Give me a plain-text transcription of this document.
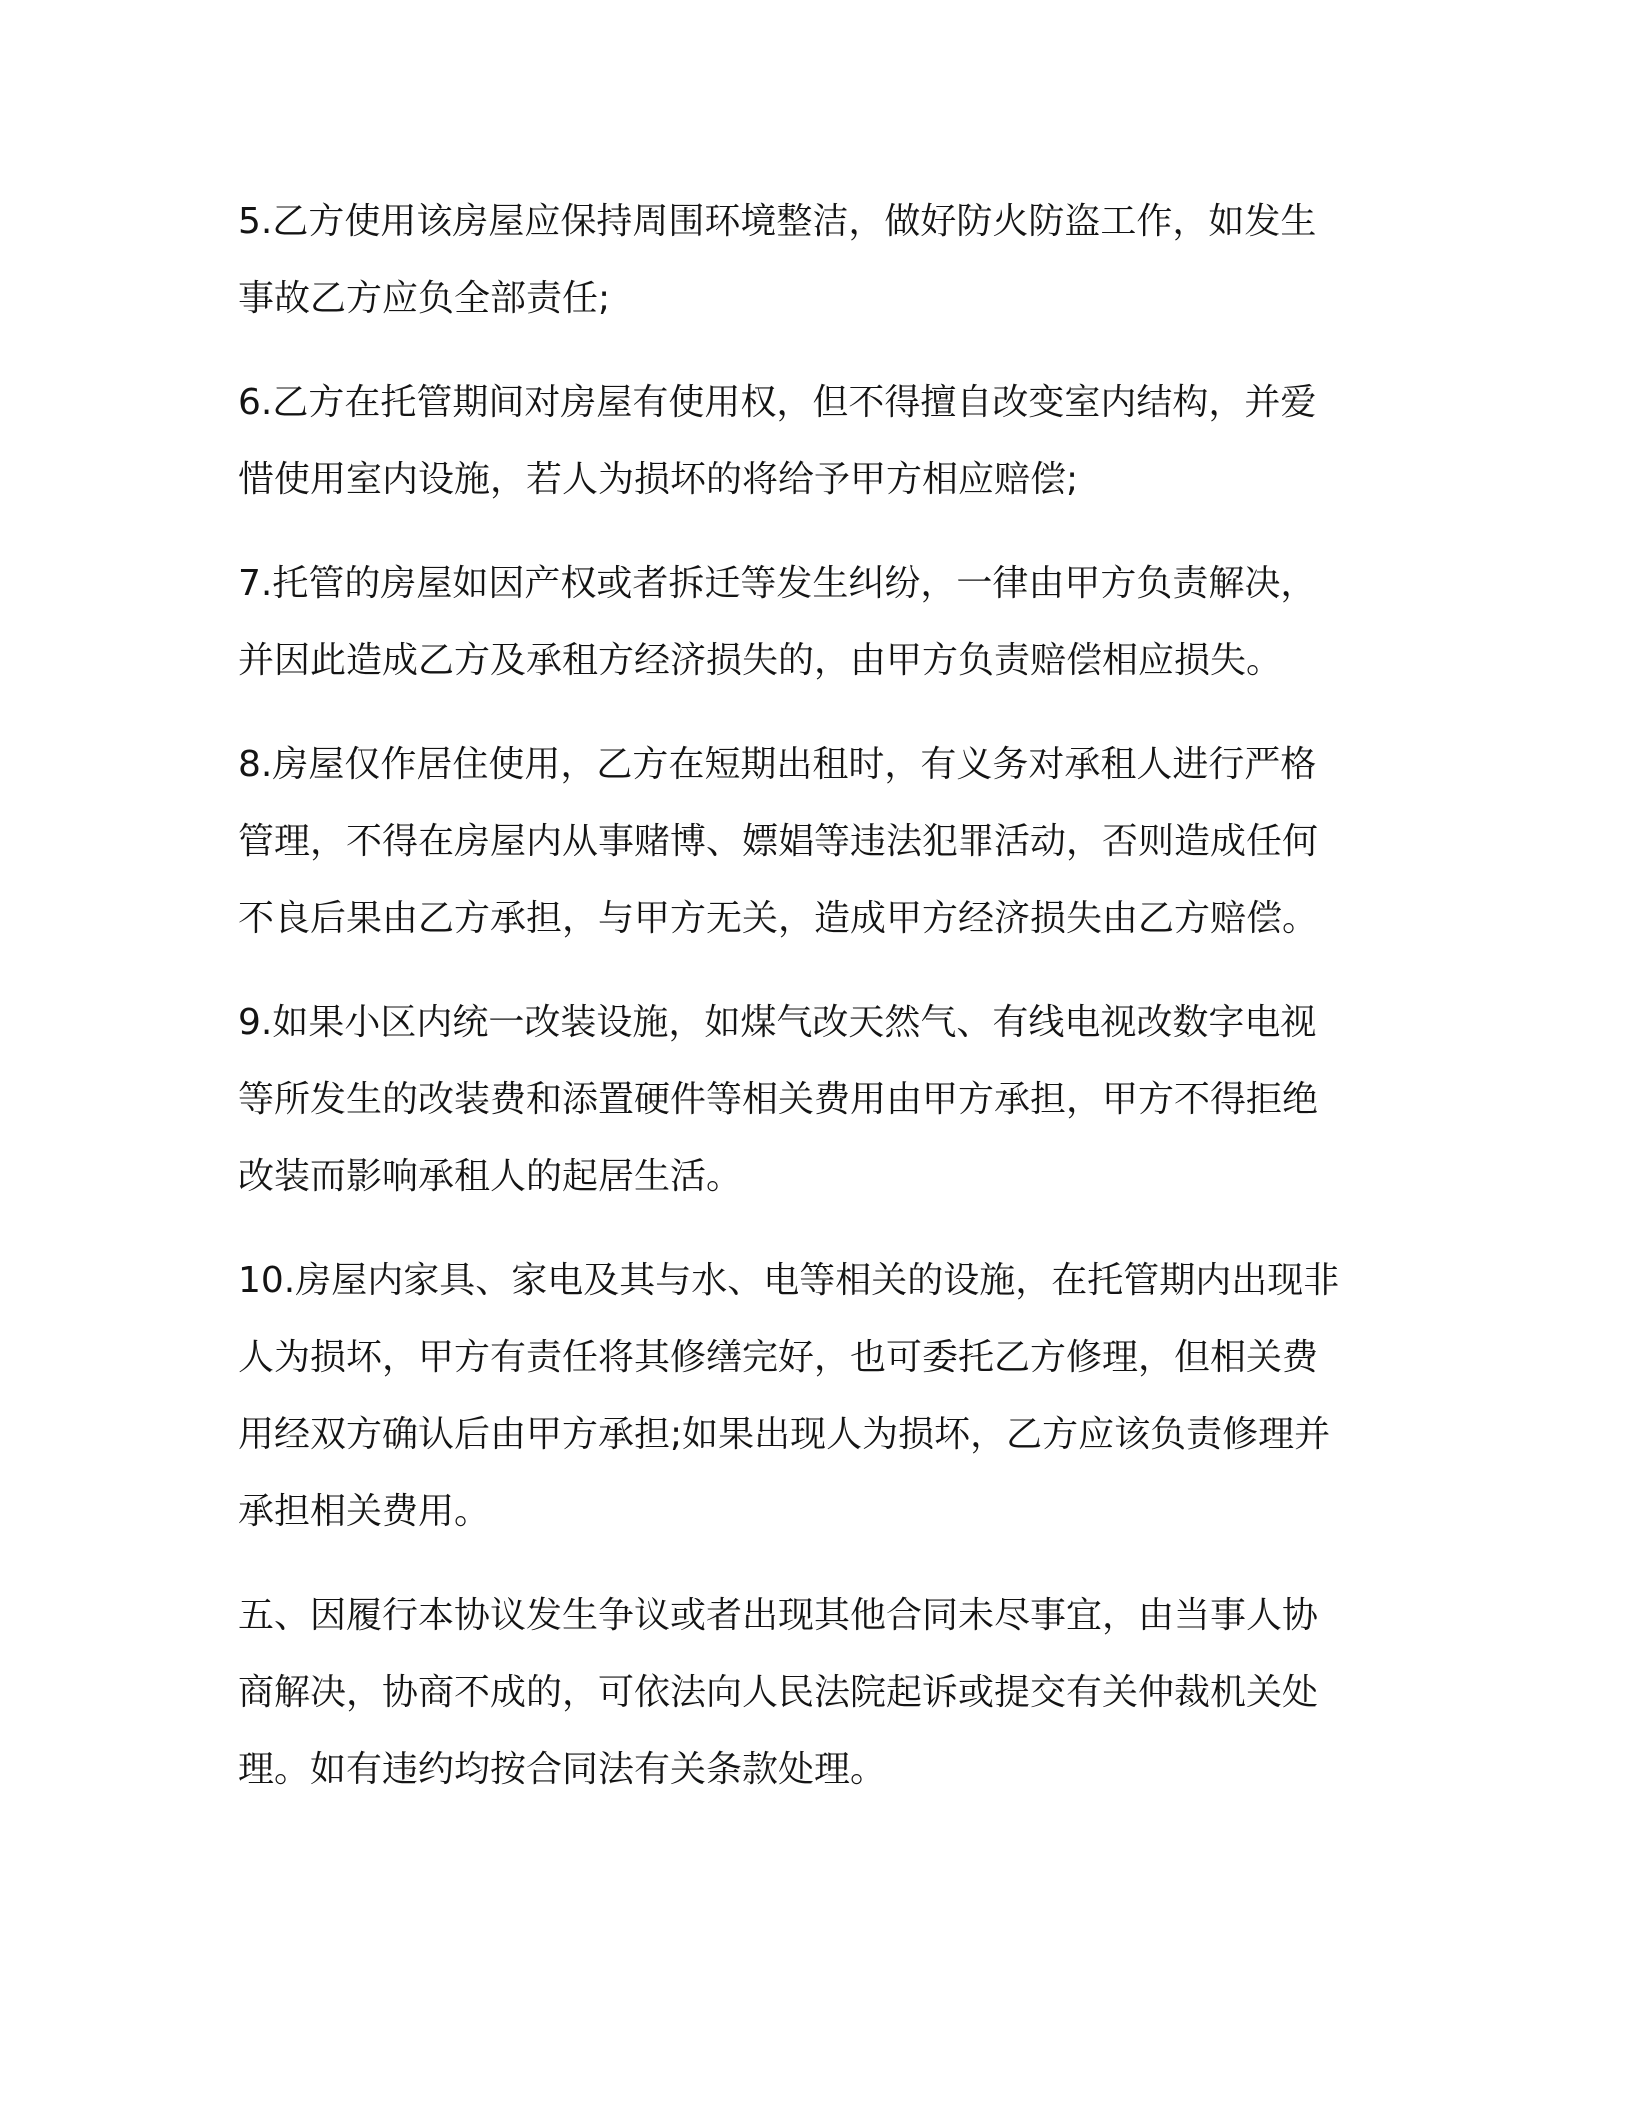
5.乙方使用该房屋应保持周围环境整洁，做好防火防盗工作，如发生
事故乙方应负全部责任;
6.乙方在托管期间对房屋有使用权，但不得擅自改变室内结构，并爱
惜使用室内设施，若人为损坏的将给予甲方相应赔偿;
7.托管的房屋如因产权或者拆迁等发生纠纷，一律由甲方负责解决，
并因此造成乙方及承租方经济损失的，由甲方负责赔偿相应损失。
8.房屋仅作居住使用，乙方在短期出租时，有义务对承租人进行严格
管理，不得在房屋内从事赌博、嫖娼等违法犯罪活动，否则造成任何
不良后果由乙方承担，与甲方无关，造成甲方经济损失由乙方赔偿。
9.如果小区内统一改装设施，如煤气改天然气、有线电视改数字电视
等所发生的改装费和添置硬件等相关费用由甲方承担，甲方不得拒绝
改装而影响承租人的起居生活。
10.房屋内家具、家电及其与水、电等相关的设施，在托管期内出现非
人为损坏，甲方有责任将其修缮完好，也可委托乙方修理，但相关费
用经双方确认后由甲方承担;如果出现人为损坏，乙方应该负责修理并
承担相关费用。
五、因履行本协议发生争议或者出现其他合同未尽事宜，由当事人协
商解决，协商不成的，可依法向人民法院起诉或提交有关仲裁机关处
理。如有违约均按合同法有关条款处理。
